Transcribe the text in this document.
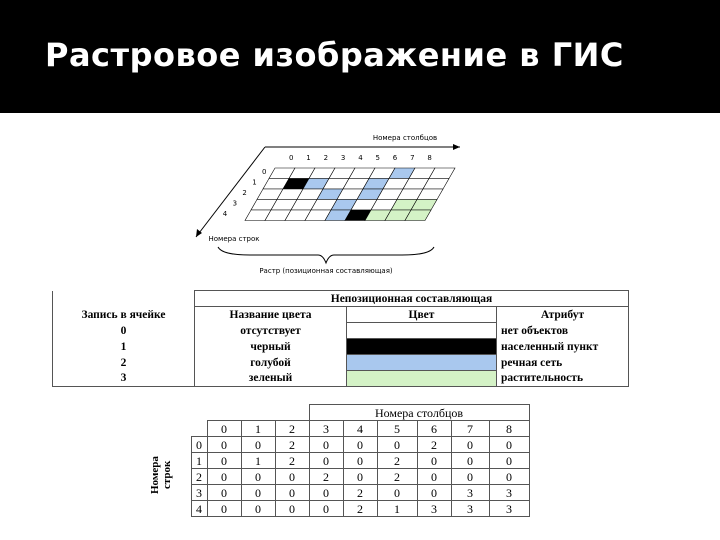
Растровое изображение в ГИС
Номера столбцов
Номера строк
0 1 2 3 4 5 6 7 8
0
1
2
3
4
Растр (позиционная составляющая)
	Непозиционная составляющая		
Запись в ячейке	Название цвета	Цвет	Атрибут
0	отсутствует		нет объектов
1	черный		населенный пункт
2	голубой		речная сеть
3	зеленый		растительность
					Номера столбцов					
		0	1	2	3	4	5	6	7	8
Номера строк	0	0	0	2	0	0	0	2	0	0
	1	0	1	2	0	0	2	0	0	0
	2	0	0	0	2	0	2	0	0	0
	3	0	0	0	0	2	0	0	3	3
	4	0	0	0	0	2	1	3	3	3
